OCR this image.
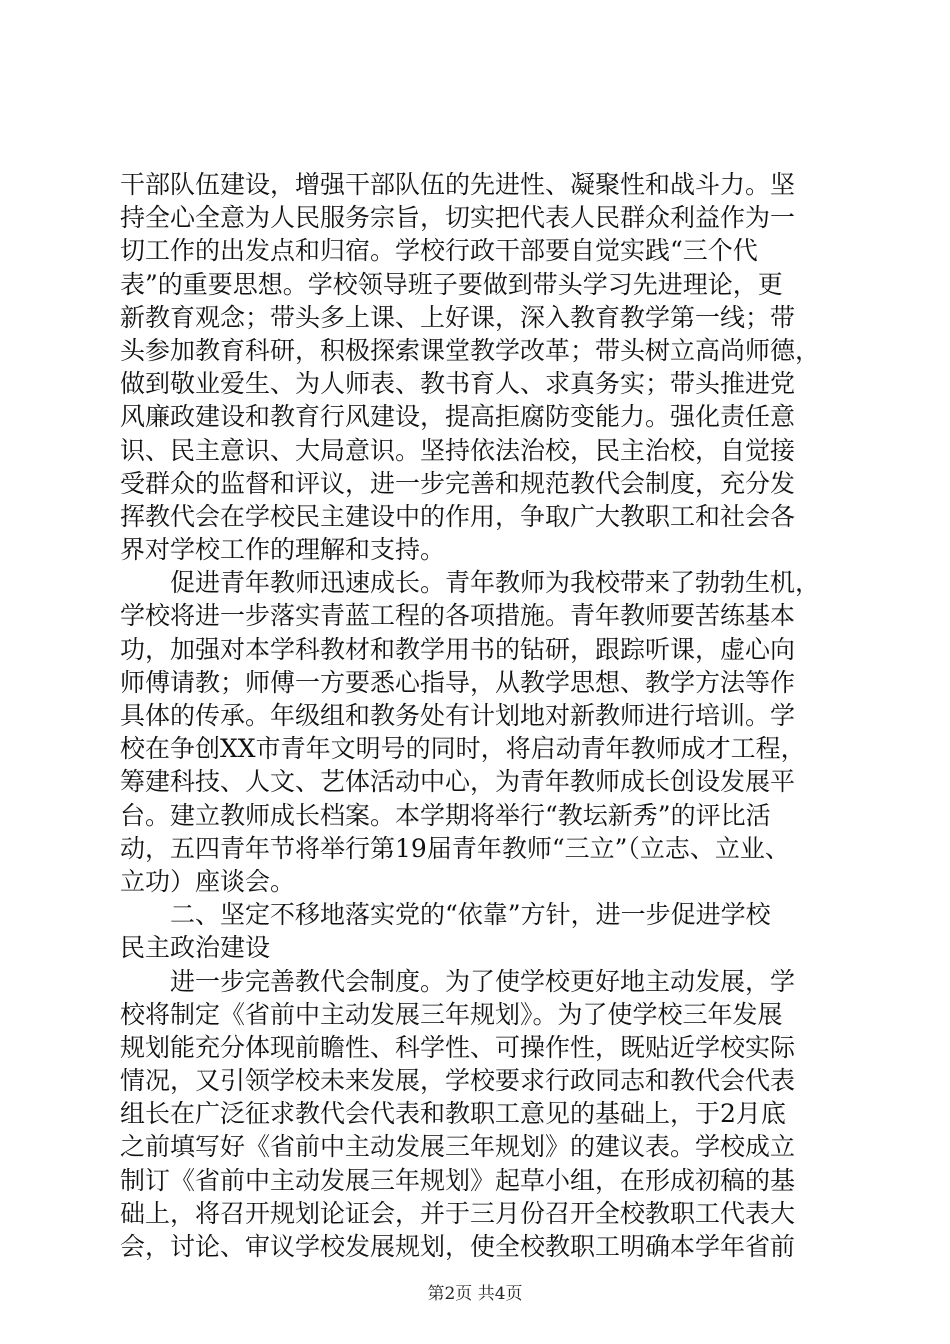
干部队伍建设，增强干部队伍的先进性、凝聚性和战斗力。坚
持全心全意为人民服务宗旨，切实把代表人民群众利益作为一
切工作的出发点和归宿。学校行政干部要自觉实践“三个代
表”的重要思想。学校领导班子要做到带头学习先进理论，更
新教育观念；带头多上课、上好课，深入教育教学第一线；带
头参加教育科研，积极探索课堂教学改革；带头树立高尚师德，
做到敬业爱生、为人师表、教书育人、求真务实；带头推进党
风廉政建设和教育行风建设，提高拒腐防变能力。强化责任意
识、民主意识、大局意识。坚持依法治校，民主治校，自觉接
受群众的监督和评议，进一步完善和规范教代会制度，充分发
挥教代会在学校民主建设中的作用，争取广大教职工和社会各
界对学校工作的理解和支持。
　　促进青年教师迅速成长。青年教师为我校带来了勃勃生机，
学校将进一步落实青蓝工程的各项措施。青年教师要苦练基本
功，加强对本学科教材和教学用书的钻研，跟踪听课，虚心向
师傅请教；师傅一方要悉心指导，从教学思想、教学方法等作
具体的传承。年级组和教务处有计划地对新教师进行培训。学
校在争创XX市青年文明号的同时，将启动青年教师成才工程，
筹建科技、人文、艺体活动中心，为青年教师成长创设发展平
台。建立教师成长档案。本学期将举行“教坛新秀”的评比活
动，五四青年节将举行第19届青年教师“三立”（立志、立业、
立功）座谈会。
　　二、坚定不移地落实党的“依靠”方针，进一步促进学校
民主政治建设
　　进一步完善教代会制度。为了使学校更好地主动发展，学
校将制定《省前中主动发展三年规划》。为了使学校三年发展
规划能充分体现前瞻性、科学性、可操作性，既贴近学校实际
情况，又引领学校未来发展，学校要求行政同志和教代会代表
组长在广泛征求教代会代表和教职工意见的基础上，于2月底
之前填写好《省前中主动发展三年规划》的建议表。学校成立
制订《省前中主动发展三年规划》起草小组，在形成初稿的基
础上，将召开规划论证会，并于三月份召开全校教职工代表大
会，讨论、审议学校发展规划，使全校教职工明确本学年省前
第2页 共4页
